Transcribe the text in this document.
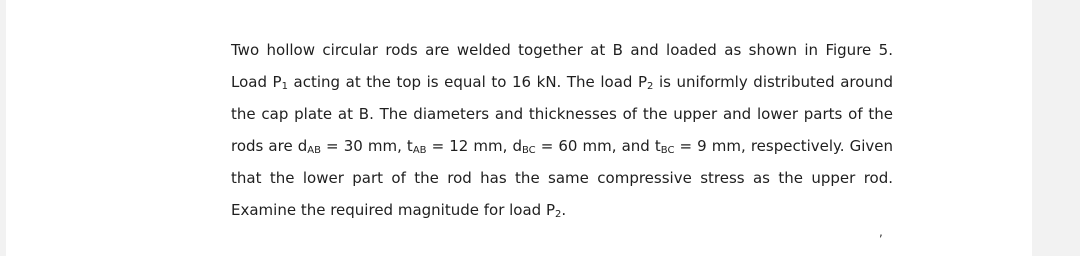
Two hollow circular rods are welded together at B and loaded as shown in Figure 5.
Load $P_1$ acting at the top is equal to 16 kN. The load $P_2$ is uniformly distributed around
the cap plate at B. The diameters and thicknesses of the upper and lower parts of the
rods are $d_{AB} = 30$ mm, $t_{AB} = 12$ mm, $d_{BC} = 60$ mm, and $t_{BC} = 9$ mm, respectively. Given
that the lower part of the rod has the same compressive stress as the upper rod.
Examine the required magnitude for load $P_2$.
,
